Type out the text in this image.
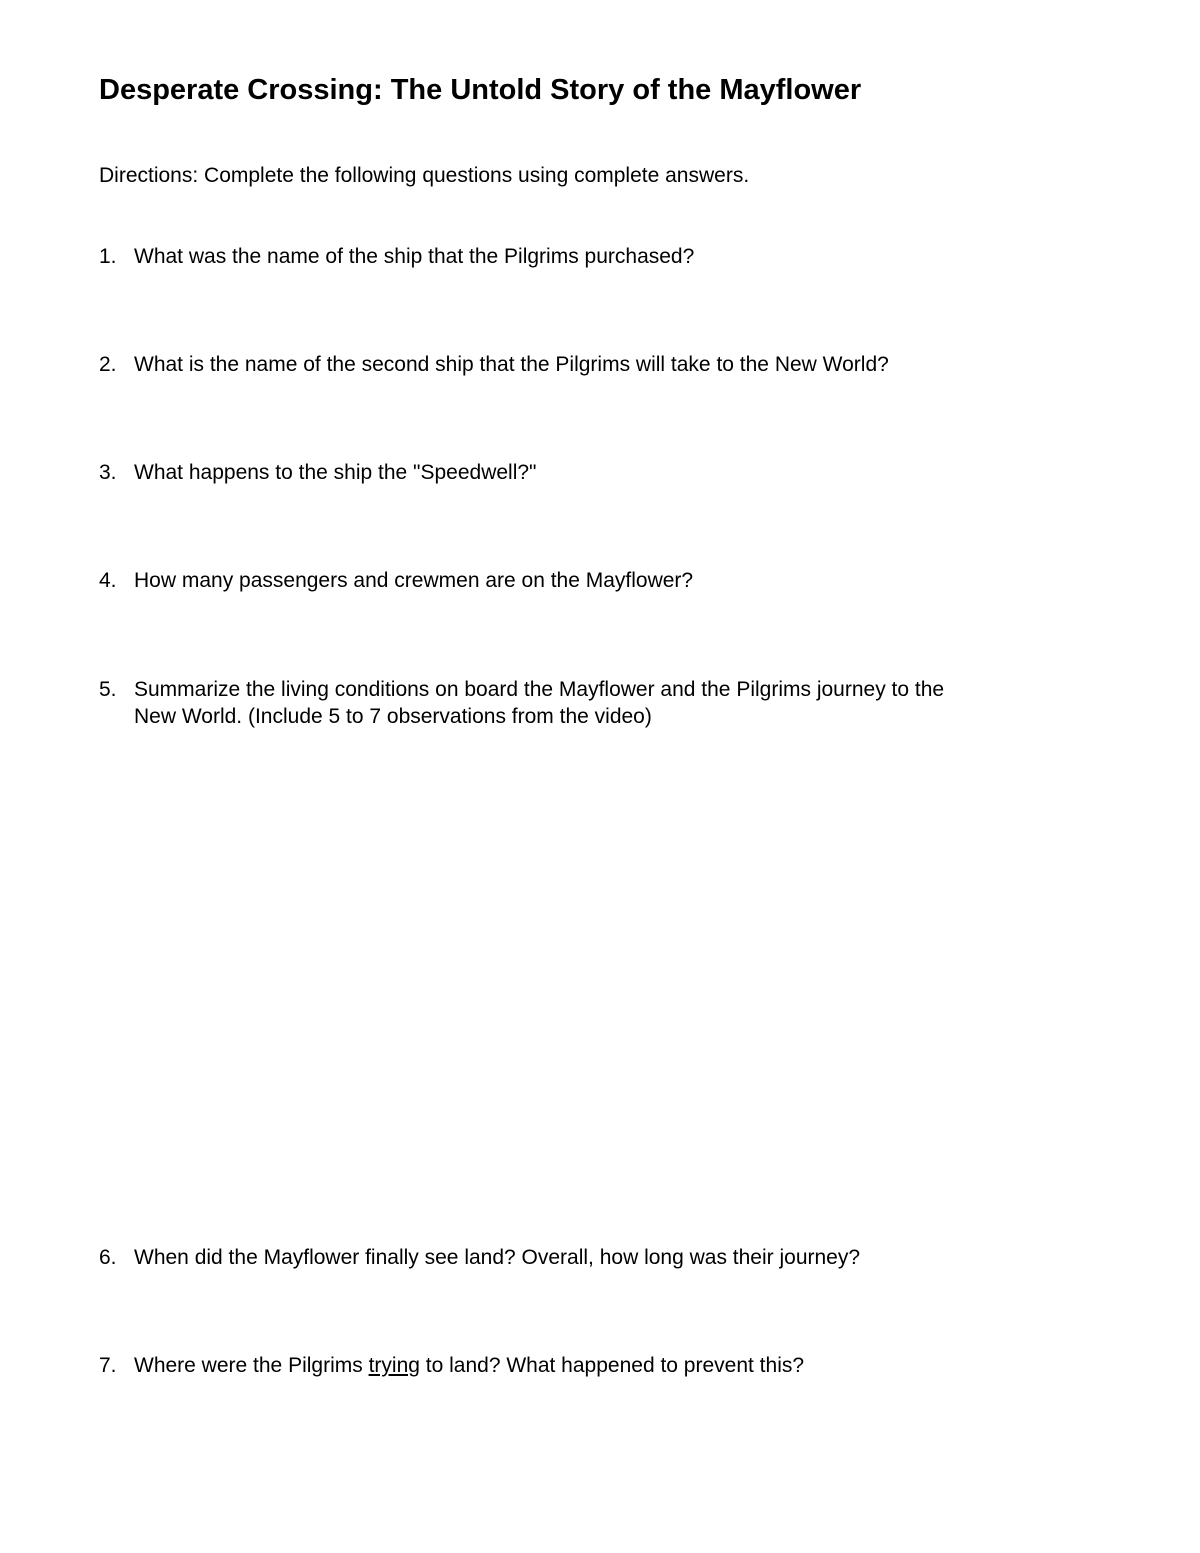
Desperate Crossing: The Untold Story of the Mayflower
Directions: Complete the following questions using complete answers.
1. What was the name of the ship that the Pilgrims purchased?
2. What is the name of the second ship that the Pilgrims will take to the New World?
3. What happens to the ship the "Speedwell?"
4. How many passengers and crewmen are on the Mayflower?
5. Summarize the living conditions on board the Mayflower and the Pilgrims journey to the
New World. (Include 5 to 7 observations from the video)
6. When did the Mayflower finally see land? Overall, how long was their journey?
7. Where were the Pilgrims trying to land? What happened to prevent this?
